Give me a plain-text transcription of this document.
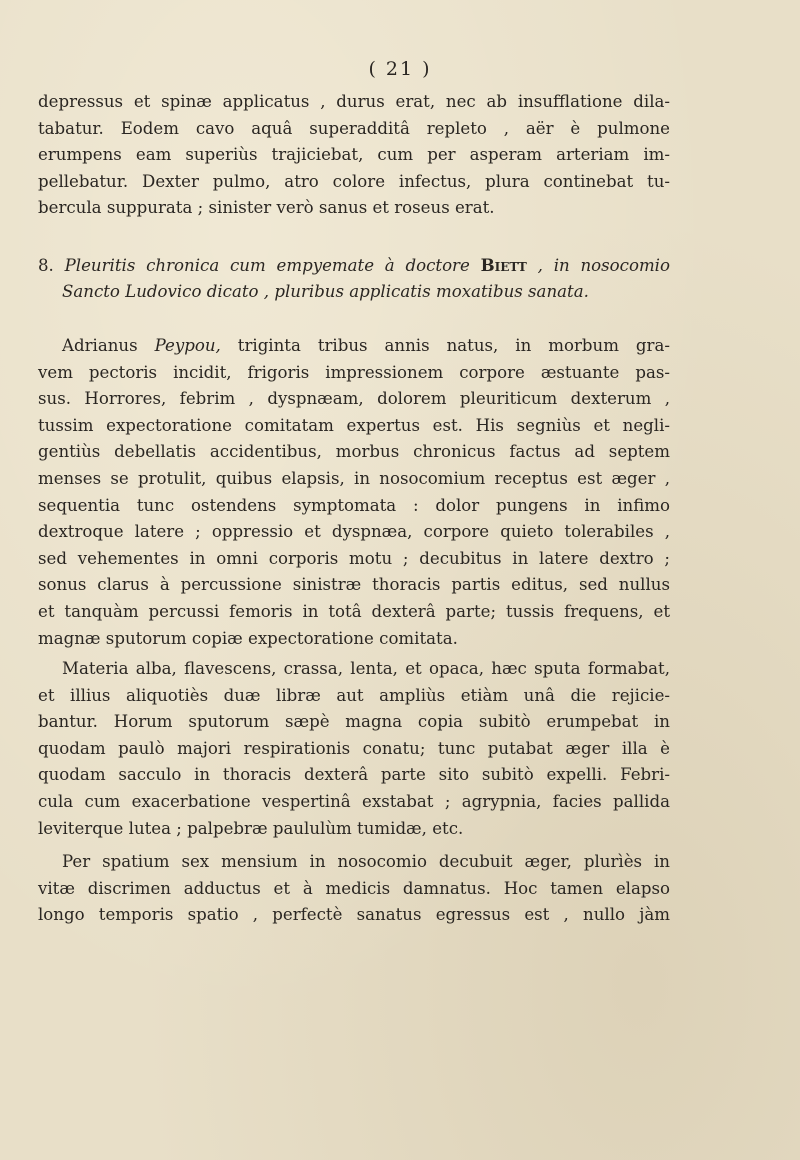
( 21 )
depressus et spinæ applicatus , durus erat, nec ab insufflatione dila-
tabatur. Eodem cavo aquâ superadditâ repleto , aër è pulmone
erumpens eam superiùs trajiciebat, cum per asperam arteriam im-
pellebatur. Dexter pulmo, atro colore infectus, plura continebat tu-
bercula suppurata ; sinister verò sanus et roseus erat.
8. Pleuritis chronica cum empyemate à doctore Biett , in nosocomio
Sancto Ludovico dicato , pluribus applicatis moxatibus sanata.
Adrianus Peypou, triginta tribus annis natus, in morbum gra-
vem pectoris incidit, frigoris impressionem corpore æstuante pas-
sus. Horrores, febrim , dyspnæam, dolorem pleuriticum dexterum ,
tussim expectoratione comitatam expertus est. His segniùs et negli-
gentiùs debellatis accidentibus, morbus chronicus factus ad septem
menses se protulit, quibus elapsis, in nosocomium receptus est æger ,
sequentia tunc ostendens symptomata : dolor pungens in infimo
dextroque latere ; oppressio et dyspnæa, corpore quieto tolerabiles ,
sed vehementes in omni corporis motu ; decubitus in latere dextro ;
sonus clarus à percussione sinistræ thoracis partis editus, sed nullus
et tanquàm percussi femoris in totâ dexterâ parte; tussis frequens, et
magnæ sputorum copiæ expectoratione comitata.
Materia alba, flavescens, crassa, lenta, et opaca, hæc sputa formabat,
et illius aliquotiès duæ libræ aut ampliùs etiàm unâ die rejicie-
bantur. Horum sputorum sæpè magna copia subitò erumpebat in
quodam paulò majori respirationis conatu; tunc putabat æger illa è
quodam sacculo in thoracis dexterâ parte sito subitò expelli. Febri-
cula cum exacerbatione vespertinâ exstabat ; agrypnia, facies pallida
leviterque lutea ; palpebræ paululùm tumidæ, etc.
Per spatium sex mensium in nosocomio decubuit æger, plurìès in
vitæ discrimen adductus et à medicis damnatus. Hoc tamen elapso
longo temporis spatio , perfectè sanatus egressus est , nullo jàm
